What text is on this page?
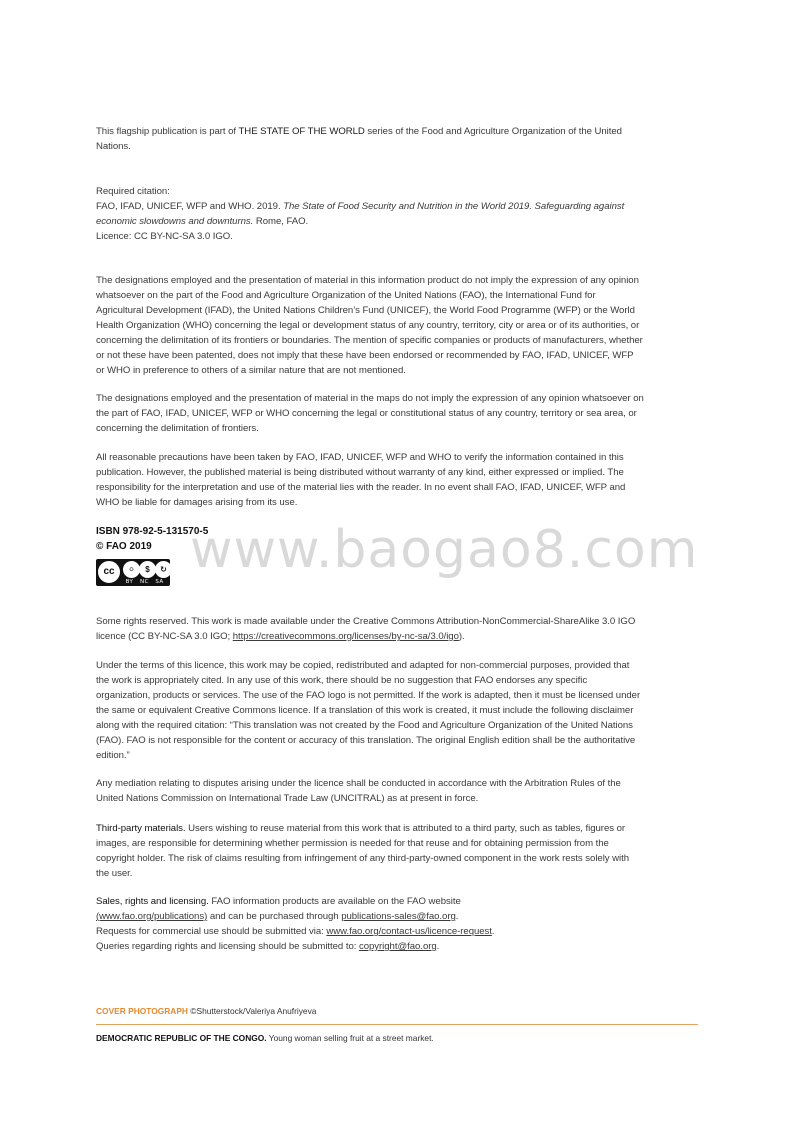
This flagship publication is part of THE STATE OF THE WORLD series of the Food and Agriculture Organization of the United Nations.

Required citation:
FAO, IFAD, UNICEF, WFP and WHO. 2019. The State of Food Security and Nutrition in the World 2019. Safeguarding against economic slowdowns and downturns. Rome, FAO.
Licence: CC BY-NC-SA 3.0 IGO.

The designations employed and the presentation of material in this information product do not imply the expression of any opinion whatsoever on the part of the Food and Agriculture Organization of the United Nations (FAO), the International Fund for Agricultural Development (IFAD), the United Nations Children’s Fund (UNICEF), the World Food Programme (WFP) or the World Health Organization (WHO) concerning the legal or development status of any country, territory, city or area or of its authorities, or concerning the delimitation of its frontiers or boundaries. The mention of specific companies or products of manufacturers, whether or not these have been patented, does not imply that these have been endorsed or recommended by FAO, IFAD, UNICEF, WFP or WHO in preference to others of a similar nature that are not mentioned.

The designations employed and the presentation of material in the maps do not imply the expression of any opinion whatsoever on the part of FAO, IFAD, UNICEF, WFP or WHO concerning the legal or constitutional status of any country, territory or sea area, or concerning the delimitation of frontiers.

All reasonable precautions have been taken by FAO, IFAD, UNICEF, WFP and WHO to verify the information contained in this publication. However, the published material is being distributed without warranty of any kind, either expressed or implied. The responsibility for the interpretation and use of the material lies with the reader. In no event shall FAO, IFAD, UNICEF, WFP and WHO be liable for damages arising from its use.

ISBN 978-92-5-131570-5
© FAO 2019
cc	⚪	$	↻
BY NC SA

Some rights reserved. This work is made available under the Creative Commons Attribution-NonCommercial-ShareAlike 3.0 IGO licence (CC BY-NC-SA 3.0 IGO; https://creativecommons.org/licenses/by-nc-sa/3.0/igo).

Under the terms of this licence, this work may be copied, redistributed and adapted for non-commercial purposes, provided that the work is appropriately cited. In any use of this work, there should be no suggestion that FAO endorses any specific organization, products or services. The use of the FAO logo is not permitted. If the work is adapted, then it must be licensed under the same or equivalent Creative Commons licence. If a translation of this work is created, it must include the following disclaimer along with the required citation: “This translation was not created by the Food and Agriculture Organization of the United Nations (FAO). FAO is not responsible for the content or accuracy of this translation. The original English edition shall be the authoritative edition.”

Any mediation relating to disputes arising under the licence shall be conducted in accordance with the Arbitration Rules of the United Nations Commission on International Trade Law (UNCITRAL) as at present in force.

Third-party materials. Users wishing to reuse material from this work that is attributed to a third party, such as tables, figures or images, are responsible for determining whether permission is needed for that reuse and for obtaining permission from the copyright holder. The risk of claims resulting from infringement of any third-party-owned component in the work rests solely with the user.

Sales, rights and licensing. FAO information products are available on the FAO website
(www.fao.org/publications) and can be purchased through publications-sales@fao.org.
Requests for commercial use should be submitted via: www.fao.org/contact-us/licence-request.
Queries regarding rights and licensing should be submitted to: copyright@fao.org.

www.baogao8.com
COVER PHOTOGRAPH ©Shutterstock/Valeriya Anufriyeva
DEMOCRATIC REPUBLIC OF THE CONGO. Young woman selling fruit at a street market.
